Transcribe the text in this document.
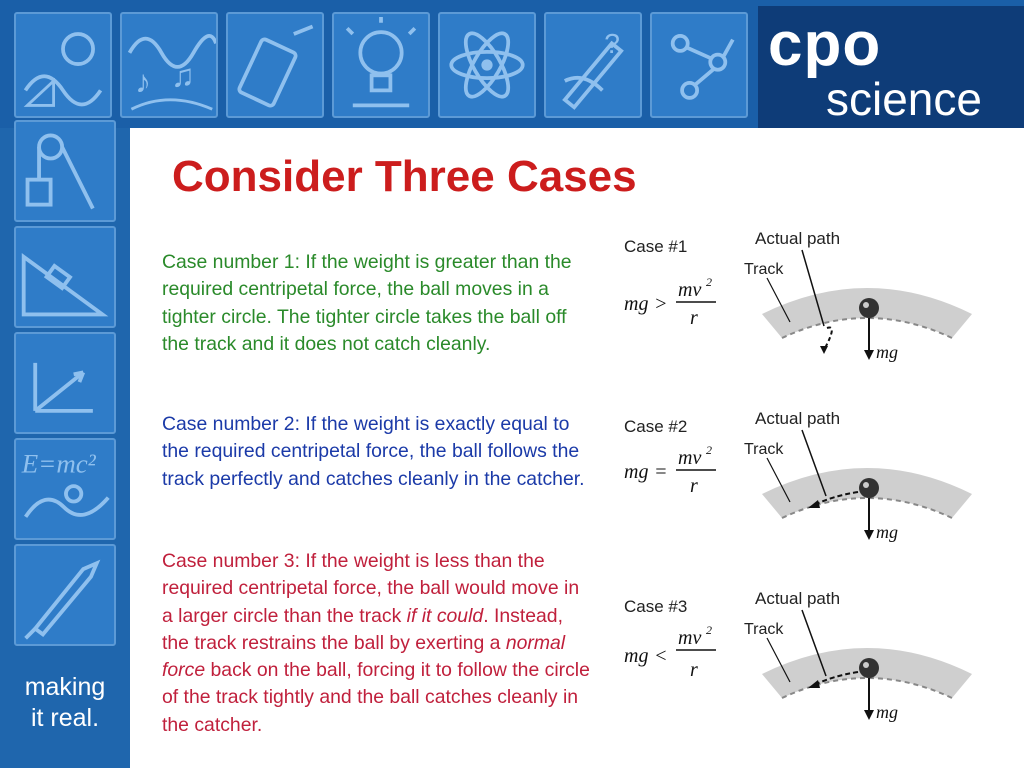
♪ ♫
? cpo
science
E=mc²
making
it real.
Consider Three Cases

Case number 1: If the weight is greater than the required centripetal force, the ball moves in a tighter circle. The tighter circle takes the ball off the track and it does not catch cleanly.

Case number 2: If the weight is exactly equal to the required centripetal force, the ball follows the track perfectly and catches cleanly in the catcher.

Case number 3: If the weight is less than the required centripetal force, the ball would move in a larger circle than the track if it could. Instead, the track restrains the ball by exerting a normal force back on the ball, forcing it to follow the circle of the track tightly and the ball catches cleanly in the catcher.

Case #1
mg >
mv 2
r
Actual path
Track
mg
Case #2
mg =
mv 2
r
Actual path
Track
mg
Case #3
mg <
mv 2
r
Actual path
Track
mg
